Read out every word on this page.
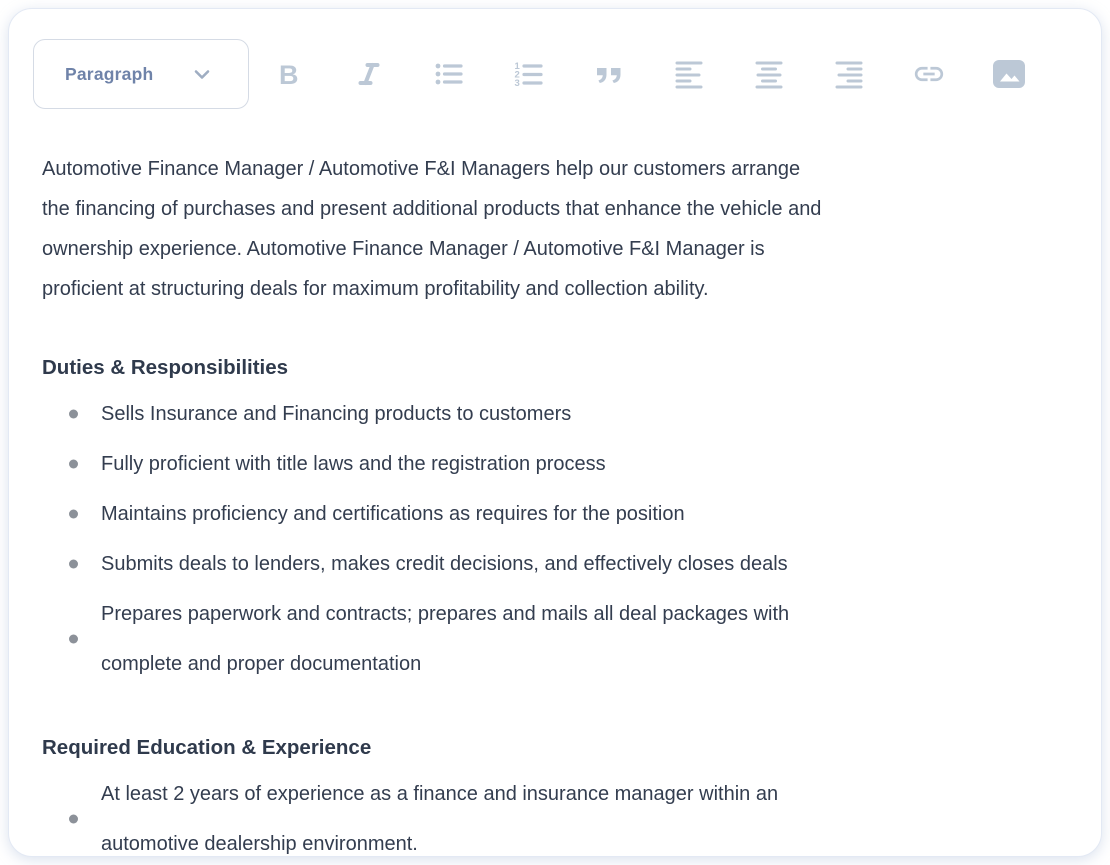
Paragraph	B	1
2
3

Automotive Finance Manager / Automotive F&I Managers help our customers arrange
the financing of purchases and present additional products that enhance the vehicle and
ownership experience. Automotive Finance Manager / Automotive F&I Manager is
proficient at structuring deals for maximum profitability and collection ability.

Duties & Responsibilities
Sells Insurance and Financing products to customers
Fully proficient with title laws and the registration process
Maintains proficiency and certifications as requires for the position
Submits deals to lenders, makes credit decisions, and effectively closes deals
Prepares paperwork and contracts; prepares and mails all deal packages with
complete and proper documentation
Required Education & Experience
At least 2 years of experience as a finance and insurance manager within an
automotive dealership environment.
